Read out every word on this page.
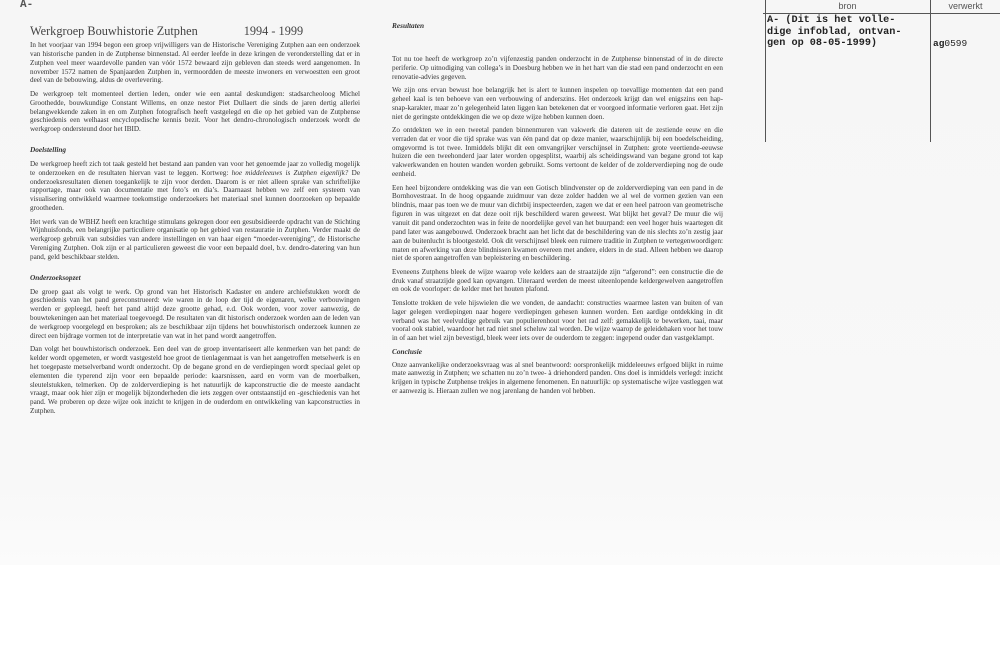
A-
Werkgroep Bouwhistorie Zutphen	1994 - 1999

In het voorjaar van 1994 begon een groep vrijwilligers van de Historische Vereniging Zutphen aan een onderzoek van historische panden in de Zutphense binnenstad. Al eerder leefde in deze kringen de veronderstelling dat er in Zutphen veel meer waardevolle panden van vóór 1572 bewaard zijn gebleven dan steeds werd aangenomen. In november 1572 namen de Spanjaarden Zutphen in, vermoordden de meeste inwoners en verwoestten een groot deel van de bebouwing, aldus de overlevering.

De werkgroep telt momenteel dertien leden, onder wie een aantal deskundigen: stadsarcheoloog Michel Groothedde, bouwkundige Constant Willems, en onze nestor Piet Dullaert die sinds de jaren dertig allerlei belangwekkende zaken in en om Zutphen fotografisch heeft vastgelegd en die op het gebied van de Zutphense geschiedenis een welhaast encyclopedische kennis bezit. Voor het dendro-chronologisch onderzoek wordt de werkgroep ondersteund door het IBID.

Doelstelling

De werkgroep heeft zich tot taak gesteld het bestand aan panden van voor het genoemde jaar zo volledig mogelijk te onderzoeken en de resultaten hiervan vast te leggen. Kortweg: hoe middeleeuws is Zutphen eigenlijk? De onderzoeksresultaten dienen toegankelijk te zijn voor derden. Daarom is er niet alleen sprake van schriftelijke rapportage, maar ook van documentatie met foto’s en dia’s. Daarnaast hebben we zelf een systeem van visualisering ontwikkeld waarmee toekomstige onderzoekers het materiaal snel kunnen doorzoeken op bepaalde grootheden.

Het werk van de WBHZ heeft een krachtige stimulans gekregen door een gesubsidieerde opdracht van de Stichting Wijnhuisfonds, een belangrijke particuliere organisatie op het gebied van restauratie in Zutphen. Verder maakt de werkgroep gebruik van subsidies van andere instellingen en van haar eigen “moeder-vereniging”, de Historische Vereniging Zutphen. Ook zijn er al particulieren geweest die voor een bepaald doel, b.v. dendro-datering van hun pand, geld beschikbaar stelden.

Onderzoeksopzet

De groep gaat als volgt te werk. Op grond van het Historisch Kadaster en andere archiefstukken wordt de geschiedenis van het pand gereconstrueerd: wie waren in de loop der tijd de eigenaren, welke verbouwingen werden er gepleegd, heeft het pand altijd deze grootte gehad, e.d. Ook worden, voor zover aanwezig, de bouwtekeningen aan het materiaal toegevoegd. De resultaten van dit historisch onderzoek worden aan de leden van de werkgroep voorgelegd en besproken; als ze beschikbaar zijn tijdens het bouwhistorisch onderzoek kunnen ze direct een bijdrage vormen tot de interpretatie van wat in het pand wordt aangetroffen.

Dan volgt het bouwhistorisch onderzoek. Een deel van de groep inventariseert alle kenmerken van het pand: de kelder wordt opgemeten, er wordt vastgesteld hoe groot de tienlagenmaat is van het aangetroffen metselwerk is en het toegepaste metselverband wordt onderzocht. Op de begane grond en de verdiepingen wordt speciaal gelet op elementen die typerend zijn voor een bepaalde periode: kaarsnissen, aard en vorm van de moerbalken, sleutelstukken, telmerken. Op de zolderverdieping is het natuurlijk de kapconstructie die de meeste aandacht vraagt, maar ook hier zijn er mogelijk bijzonderheden die iets zeggen over ontstaanstijd en -geschiedenis van het pand. We proberen op deze wijze ook inzicht te krijgen in de ouderdom en ontwikkeling van kapconstructies in Zutphen.

Resultaten

Tot nu toe heeft de werkgroep zo’n vijfenzestig panden onderzocht in de Zutphense binnenstad of in de directe periferie. Op uitnodiging van collega’s in Doesburg hebben we in het hart van die stad een pand onderzocht en een renovatie-advies gegeven.

We zijn ons ervan bewust hoe belangrijk het is alert te kunnen inspelen op toevallige momenten dat een pand geheel kaal is ten behoeve van een verbouwing of anderszins. Het onderzoek krijgt dan wel enigszins een hap-snap-karakter, maar zo’n gelegenheid laten liggen kan betekenen dat er voorgoed informatie verloren gaat. Het zijn niet de geringste ontdekkingen die we op deze wijze hebben kunnen doen.

Zo ontdekten we in een tweetal panden binnenmuren van vakwerk die dateren uit de zestiende eeuw en die verraden dat er voor die tijd sprake was van één pand dat op deze manier, waarschijnlijk bij een boedelscheiding, omgevormd is tot twee. Inmiddels blijkt dit een omvangrijker verschijnsel in Zutphen: grote veertiende-eeuwse huizen die een tweehonderd jaar later worden opgesplitst, waarbij als scheidingswand van begane grond tot kap vakwerkwanden en houten wanden worden gebruikt. Soms vertoont de kelder of de zolderverdieping nog de oude eenheid.

Een heel bijzondere ontdekking was die van een Gotisch blindvenster op de zolderverdieping van een pand in de Bornhovestraat. In de hoog opgaande zuidmuur van deze zolder hadden we al wel de vormen gezien van een blindnis, maar pas toen we de muur van dichtbij inspecteerden, zagen we dat er een heel patroon van geometrische figuren in was uitgezet en dat deze ooit rijk beschilderd waren geweest. Wat blijkt het geval? De muur die wij vanuit dit pand onderzochten was in feite de noordelijke gevel van het buurpand: een veel hoger huis waartegen dit pand later was aangebouwd. Onderzoek bracht aan het licht dat de beschildering van de nis slechts zo’n zestig jaar aan de buitenlucht is blootgesteld. Ook dit verschijnsel bleek een ruimere traditie in Zutphen te vertegenwoordigen: maten en afwerking van deze blindnissen kwamen overeen met andere, elders in de stad. Alleen hebben we daarop niet de sporen aangetroffen van bepleistering en beschildering.

Eveneens Zutphens bleek de wijze waarop vele kelders aan de straatzijde zijn “afgerond”: een constructie die de druk vanaf straatzijde goed kan opvangen. Uiteraard werden de meest uiteenlopende keldergewelven aangetroffen en ook de voorloper: de kelder met het houten plafond.

Tenslotte trokken de vele hijswielen die we vonden, de aandacht: constructies waarmee lasten van buiten of van lager gelegen verdiepingen naar hogere verdiepingen gehesen kunnen worden. Een aardige ontdekking in dit verband was het veelvuldige gebruik van populierenhout voor het rad zelf: gemakkelijk te bewerken, taai, maar vooral ook stabiel, waardoor het rad niet snel scheluw zal worden. De wijze waarop de geleidehaken voor het touw in of aan het wiel zijn bevestigd, bleek weer iets over de ouderdom te zeggen: ingepend ouder dan vastgeklampt.

Conclusie

Onze aanvankelijke onderzoeksvraag was al snel beantwoord: oorspronkelijk middeleeuws erfgoed blijkt in ruime mate aanwezig in Zutphen; we schatten nu zo’n twee- à driehonderd panden. Ons doel is inmiddels verlegd: inzicht krijgen in typische Zutphense trekjes in algemene fenomenen. En natuurlijk: op systematische wijze vastleggen wat er aanwezig is. Hieraan zullen we nog jarenlang de handen vol hebben.

bron	verwerkt
A- (Dit is het volle-
dige infoblad, ontvan-
gen op 08-05-1999)	ag0599
